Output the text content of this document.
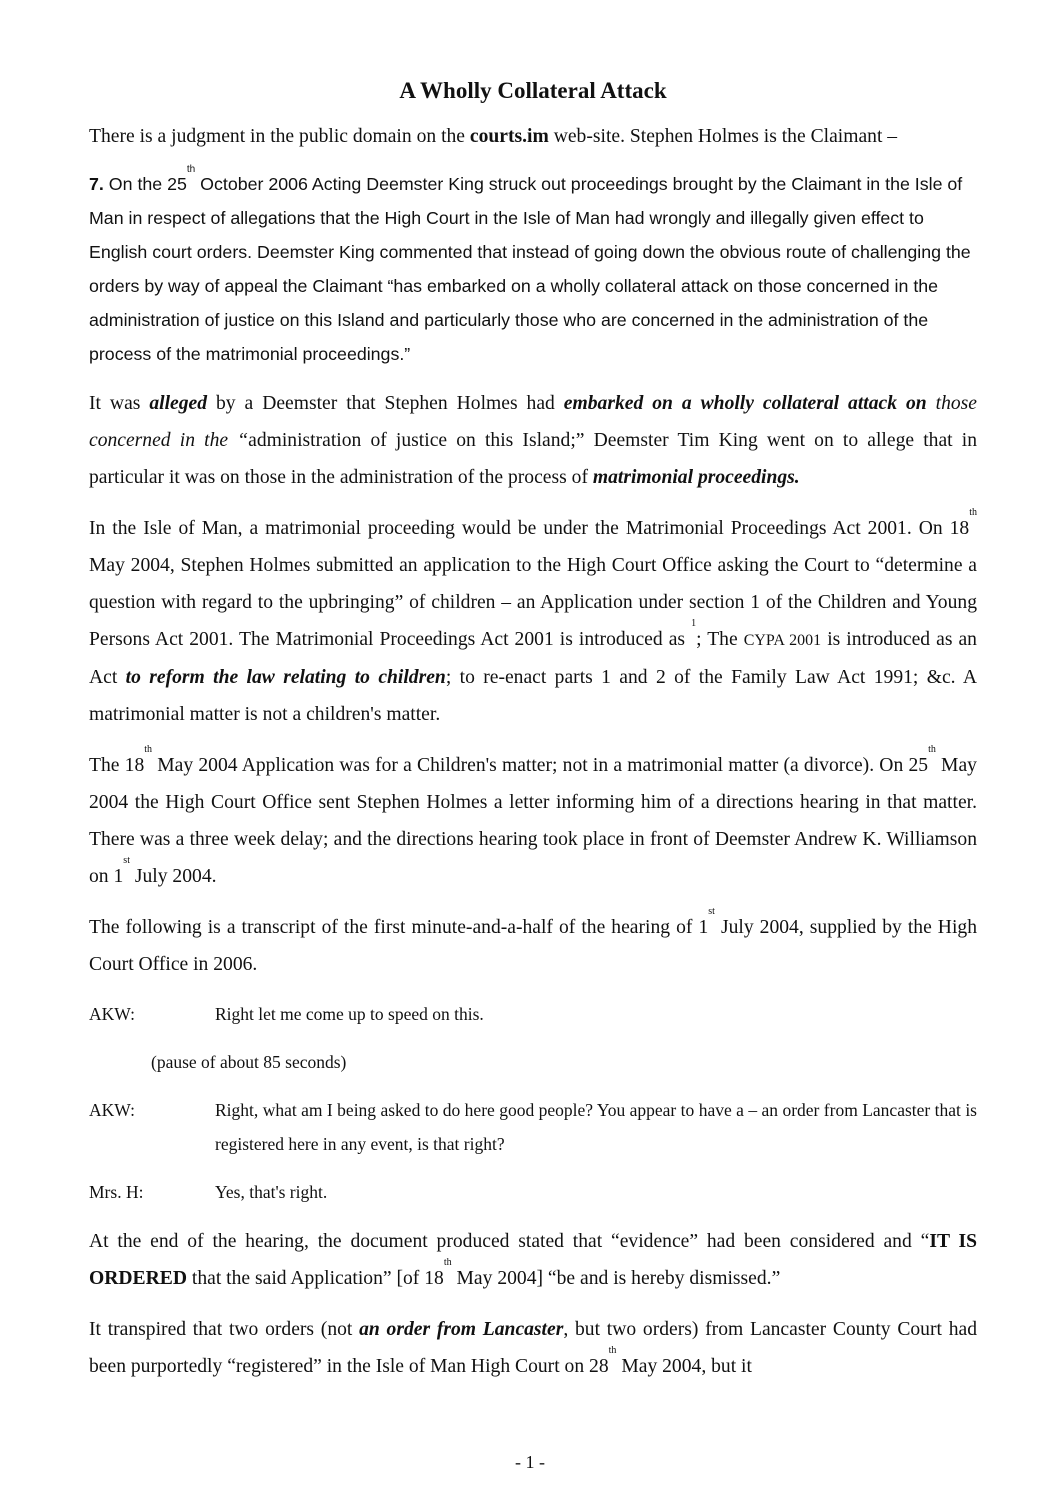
A Wholly Collateral Attack

There is a judgment in the public domain on the courts.im web-site. Stephen Holmes is the Claimant –

7. On the 25th October 2006 Acting Deemster King struck out proceedings brought by the Claimant in the Isle of Man in respect of allegations that the High Court in the Isle of Man had wrongly and illegally given effect to English court orders. Deemster King commented that instead of going down the obvious route of challenging the orders by way of appeal the Claimant “has embarked on a wholly collateral attack on those concerned in the administration of justice on this Island and particularly those who are concerned in the administration of the process of the matrimonial proceedings.”

It was alleged by a Deemster that Stephen Holmes had embarked on a wholly collateral attack on those concerned in the “administration of justice on this Island;” Deemster Tim King went on to allege that in particular it was on those in the administration of the process of matrimonial proceedings.

In the Isle of Man, a matrimonial proceeding would be under the Matrimonial Proceedings Act 2001. On 18th May 2004, Stephen Holmes submitted an application to the High Court Office asking the Court to “determine a question with regard to the upbringing” of children – an Application under section 1 of the Children and Young Persons Act 2001. The Matrimonial Proceedings Act 2001 is introduced as $^1$; The CYPA 2001 is introduced as an Act to reform the law relating to children; to re-enact parts 1 and 2 of the Family Law Act 1991; &c. A matrimonial matter is not a children's matter.

The 18th May 2004 Application was for a Children's matter; not in a matrimonial matter (a divorce). On 25th May 2004 the High Court Office sent Stephen Holmes a letter informing him of a directions hearing in that matter. There was a three week delay; and the directions hearing took place in front of Deemster Andrew K. Williamson on 1st July 2004.

The following is a transcript of the first minute-and-a-half of the hearing of 1st July 2004, supplied by the High Court Office in 2006.

AKW:	Right let me come up to speed on this.
(pause of about 85 seconds)
AKW:	Right, what am I being asked to do here good people? You appear to have a – an order from Lancaster that is registered here in any event, is that right?
Mrs. H:	Yes, that's right.

At the end of the hearing, the document produced stated that “evidence” had been considered and “IT IS ORDERED that the said Application” [of 18th May 2004] “be and is hereby dismissed.”

It transpired that two orders (not an order from Lancaster, but two orders) from Lancaster County Court had been purportedly “registered” in the Isle of Man High Court on 28th May 2004, but it

- 1 -
